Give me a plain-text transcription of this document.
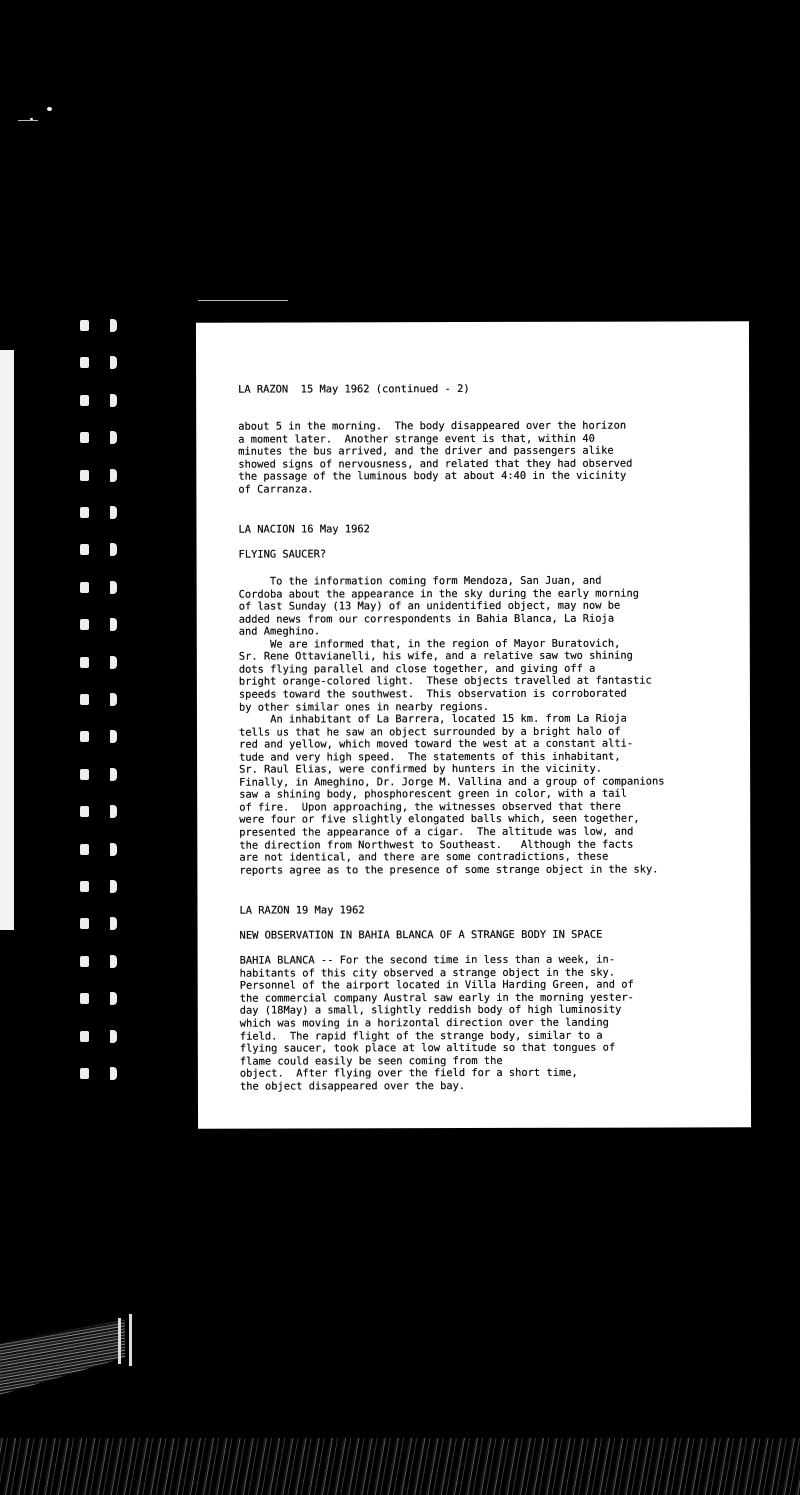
LA RAZON  15 May 1962 (continued - 2)

about 5 in the morning.  The body disappeared over the horizon

a moment later.  Another strange event is that, within 40

minutes the bus arrived, and the driver and passengers alike

showed signs of nervousness, and related that they had observed

the passage of the luminous body at about 4:40 in the vicinity

of Carranza.

LA NACION 16 May 1962

FLYING SAUCER?

To the information coming form Mendoza, San Juan, and

Cordoba about the appearance in the sky during the early morning

of last Sunday (13 May) of an unidentified object, may now be

added news from our correspondents in Bahia Blanca, La Rioja

and Ameghino.

We are informed that, in the region of Mayor Buratovich,

Sr. Rene Ottavianelli, his wife, and a relative saw two shining

dots flying parallel and close together, and giving off a

bright orange-colored light.  These objects travelled at fantastic

speeds toward the southwest.  This observation is corroborated

by other similar ones in nearby regions.

An inhabitant of La Barrera, located 15 km. from La Rioja

tells us that he saw an object surrounded by a bright halo of

red and yellow, which moved toward the west at a constant alti-

tude and very high speed.  The statements of this inhabitant,

Sr. Raul Elias, were confirmed by hunters in the vicinity.

Finally, in Ameghino, Dr. Jorge M. Vallina and a group of companions

saw a shining body, phosphorescent green in color, with a tail

of fire.  Upon approaching, the witnesses observed that there

were four or five slightly elongated balls which, seen together,

presented the appearance of a cigar.  The altitude was low, and

the direction from Northwest to Southeast.   Although the facts

are not identical, and there are some contradictions, these

reports agree as to the presence of some strange object in the sky.

LA RAZON 19 May 1962

NEW OBSERVATION IN BAHIA BLANCA OF A STRANGE BODY IN SPACE

BAHIA BLANCA -- For the second time in less than a week, in-

habitants of this city observed a strange object in the sky.

Personnel of the airport located in Villa Harding Green, and of

the commercial company Austral saw early in the morning yester-

day (18May) a small, slightly reddish body of high luminosity

which was moving in a horizontal direction over the landing

field.  The rapid flight of the strange body, similar to a

flying saucer, took place at low altitude so that tongues of

flame could easily be seen coming from the

object.  After flying over the field for a short time,

the object disappeared over the bay.
